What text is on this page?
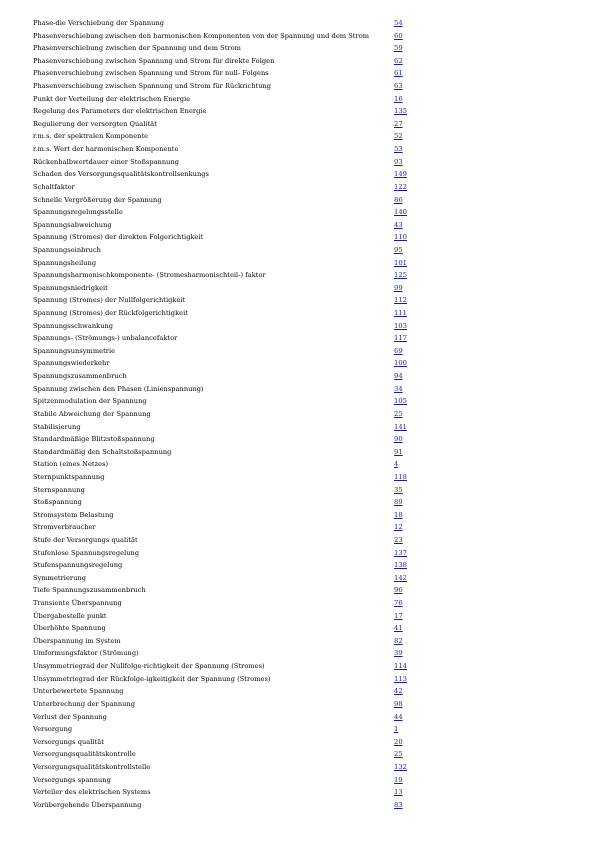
Phase-die Verschiebung der Spannung	54
Phasenverschiebung zwischen den harmonischen Komponenten von der Spannung und dem Strom	60
Phasenverschiebung zwischen der Spannung und dem Strom	59
Phasenverschiebung zwischen Spannung und Strom für direkte Folgen	62
Phasenverschiebung zwischen Spannung und Strom für null- Folgens	61
Phasenverschiebung zwischen Spannung und Strom für Rückrichtung	63
Punkt der Verteilung der elektrischen Energie	16
Regelung des Parameters der elektrischen Energie	135
Regulierung der versorgten Qualität	27
r.m.s. der spektralen Komponente	52
r.m.s. Wert der harmonischen Komponente	53
Rückenhalbwertdauer einer Stoßspannung	93
Schaden des Versorgungsqualitätskontrollsenkungs	149
Schaltfaktor	122
Schnelle Vergrößerung der Spannung	86
Spannungsregelungsstelle	140
Spannungsabweichung	43
Spannung (Stromes) der direkten Folgerichtigkeit	110
Spannungseinbruch	95
Spannungsheilung	101
Spannungsharmonischkomponente- (Stromesharmonischteil-) faktor	125
Spannungsniedrigkeit	99
Spannung (Stromes) der Nullfolgerichtigkeit	112
Spannung (Stromes) der Rückfolgerichtigkeit	111
Spannungsschwankung	103
Spannungs- (Strömungs-) unbalancefaktor	117
Spannungsunsymmetrie	69
Spannungswiederkehr	100
Spannungszusammenbruch	94
Spannung zwischen den Phasen (Linienspannung)	34
Spitzenmodulation der Spannung	105
Stabile Abweichung der Spannung	25
Stabilisierung	141
Standardmäßige Blitzstoßspannung	90
Standardmäßig den Schaltstoßspannung	91
Station (eines Netzes)	4
Sternpunktspannung	118
Sternspannung	35
Stoßspannung	89
Stromsystem Belastung	18
Stromverbraucher	12
Stufe der Versorgungs qualität	23
Stufenlose Spannungsregelung	137
Stufenspannungsregelung	138
Symmetrierung	142
Tiefe Spannungszusammenbruch	96
Transiente Überspannung	76
Übergabestelle punkt	17
Überhöhte Spannung	41
Überspannung im System	82
Umformungsfaktor (Strömung)	39
Unsymmetriegrad der Nullfolge-richtigkeit der Spannung (Stromes)	114
Unsymmetriegrad der Rückfolge-igkeitigkeit der Spannung (Stromes)	113
Unterbewertete Spannung	42
Unterbrechung der Spannung	98
Verlust der Spannung	44
Versorgung	1
Versorgungs qualität	20
Versorgungsqualitätskontrolle	25
Versorgungsqualitätskontrollstelle	132
Versorgungs spannung	19
Verteiler des elektrischen Systems	13
Vorübergehende Überspannung	83
